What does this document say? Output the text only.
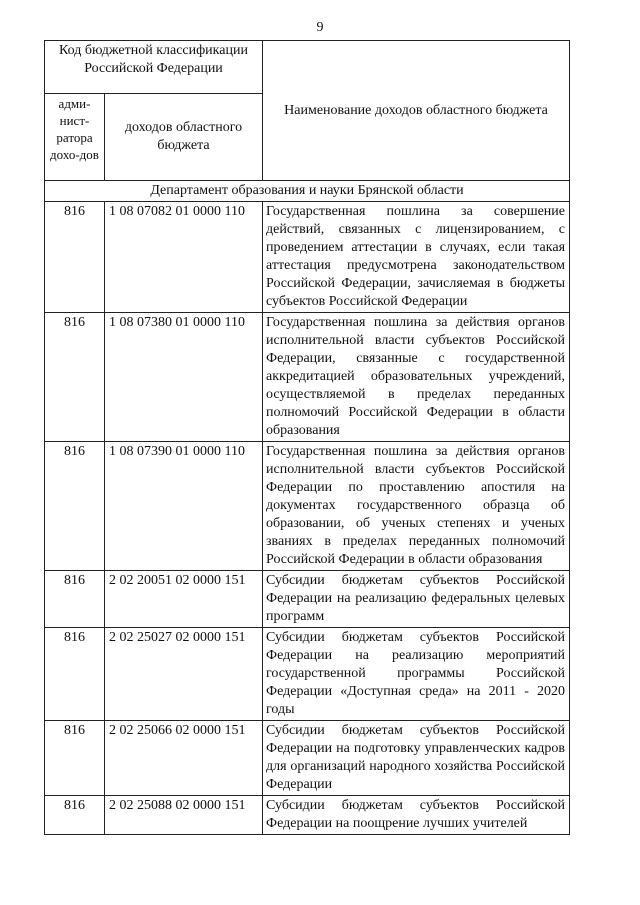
9
Код бюджетной классификации Российской Федерации		Наименование доходов областного бюджета
адми-нист-ратора дохо-дов	доходов областного бюджета	
Департамент образования и науки Брянской области		
816	1 08 07082 01 0000 110	Государственная пошлина за совершение действий, связанных с лицензированием, с проведением аттестации в случаях, если такая аттестация предусмотрена законодательством Российской Федерации, зачисляемая в бюджеты субъектов Российской Федерации
816	1 08 07380 01 0000 110	Государственная пошлина за действия органов исполнительной власти субъектов Российской Федерации, связанные с государственной аккредитацией образовательных учреждений, осуществляемой в пределах переданных полномочий Российской Федерации в области образования
816	1 08 07390 01 0000 110	Государственная пошлина за действия органов исполнительной власти субъектов Российской Федерации по проставлению апостиля на документах государственного образца об образовании, об ученых степенях и ученых званиях в пределах переданных полномочий Российской Федерации в области образования
816	2 02 20051 02 0000 151	Субсидии бюджетам субъектов Российской Федерации на реализацию федеральных целевых программ
816	2 02 25027 02 0000 151	Субсидии бюджетам субъектов Российской Федерации на реализацию мероприятий государственной программы Российской Федерации «Доступная среда» на 2011 - 2020 годы
816	2 02 25066 02 0000 151	Субсидии бюджетам субъектов Российской Федерации на подготовку управленческих кадров для организаций народного хозяйства Российской Федерации
816	2 02 25088 02 0000 151	Субсидии бюджетам субъектов Российской Федерации на поощрение лучших учителей
